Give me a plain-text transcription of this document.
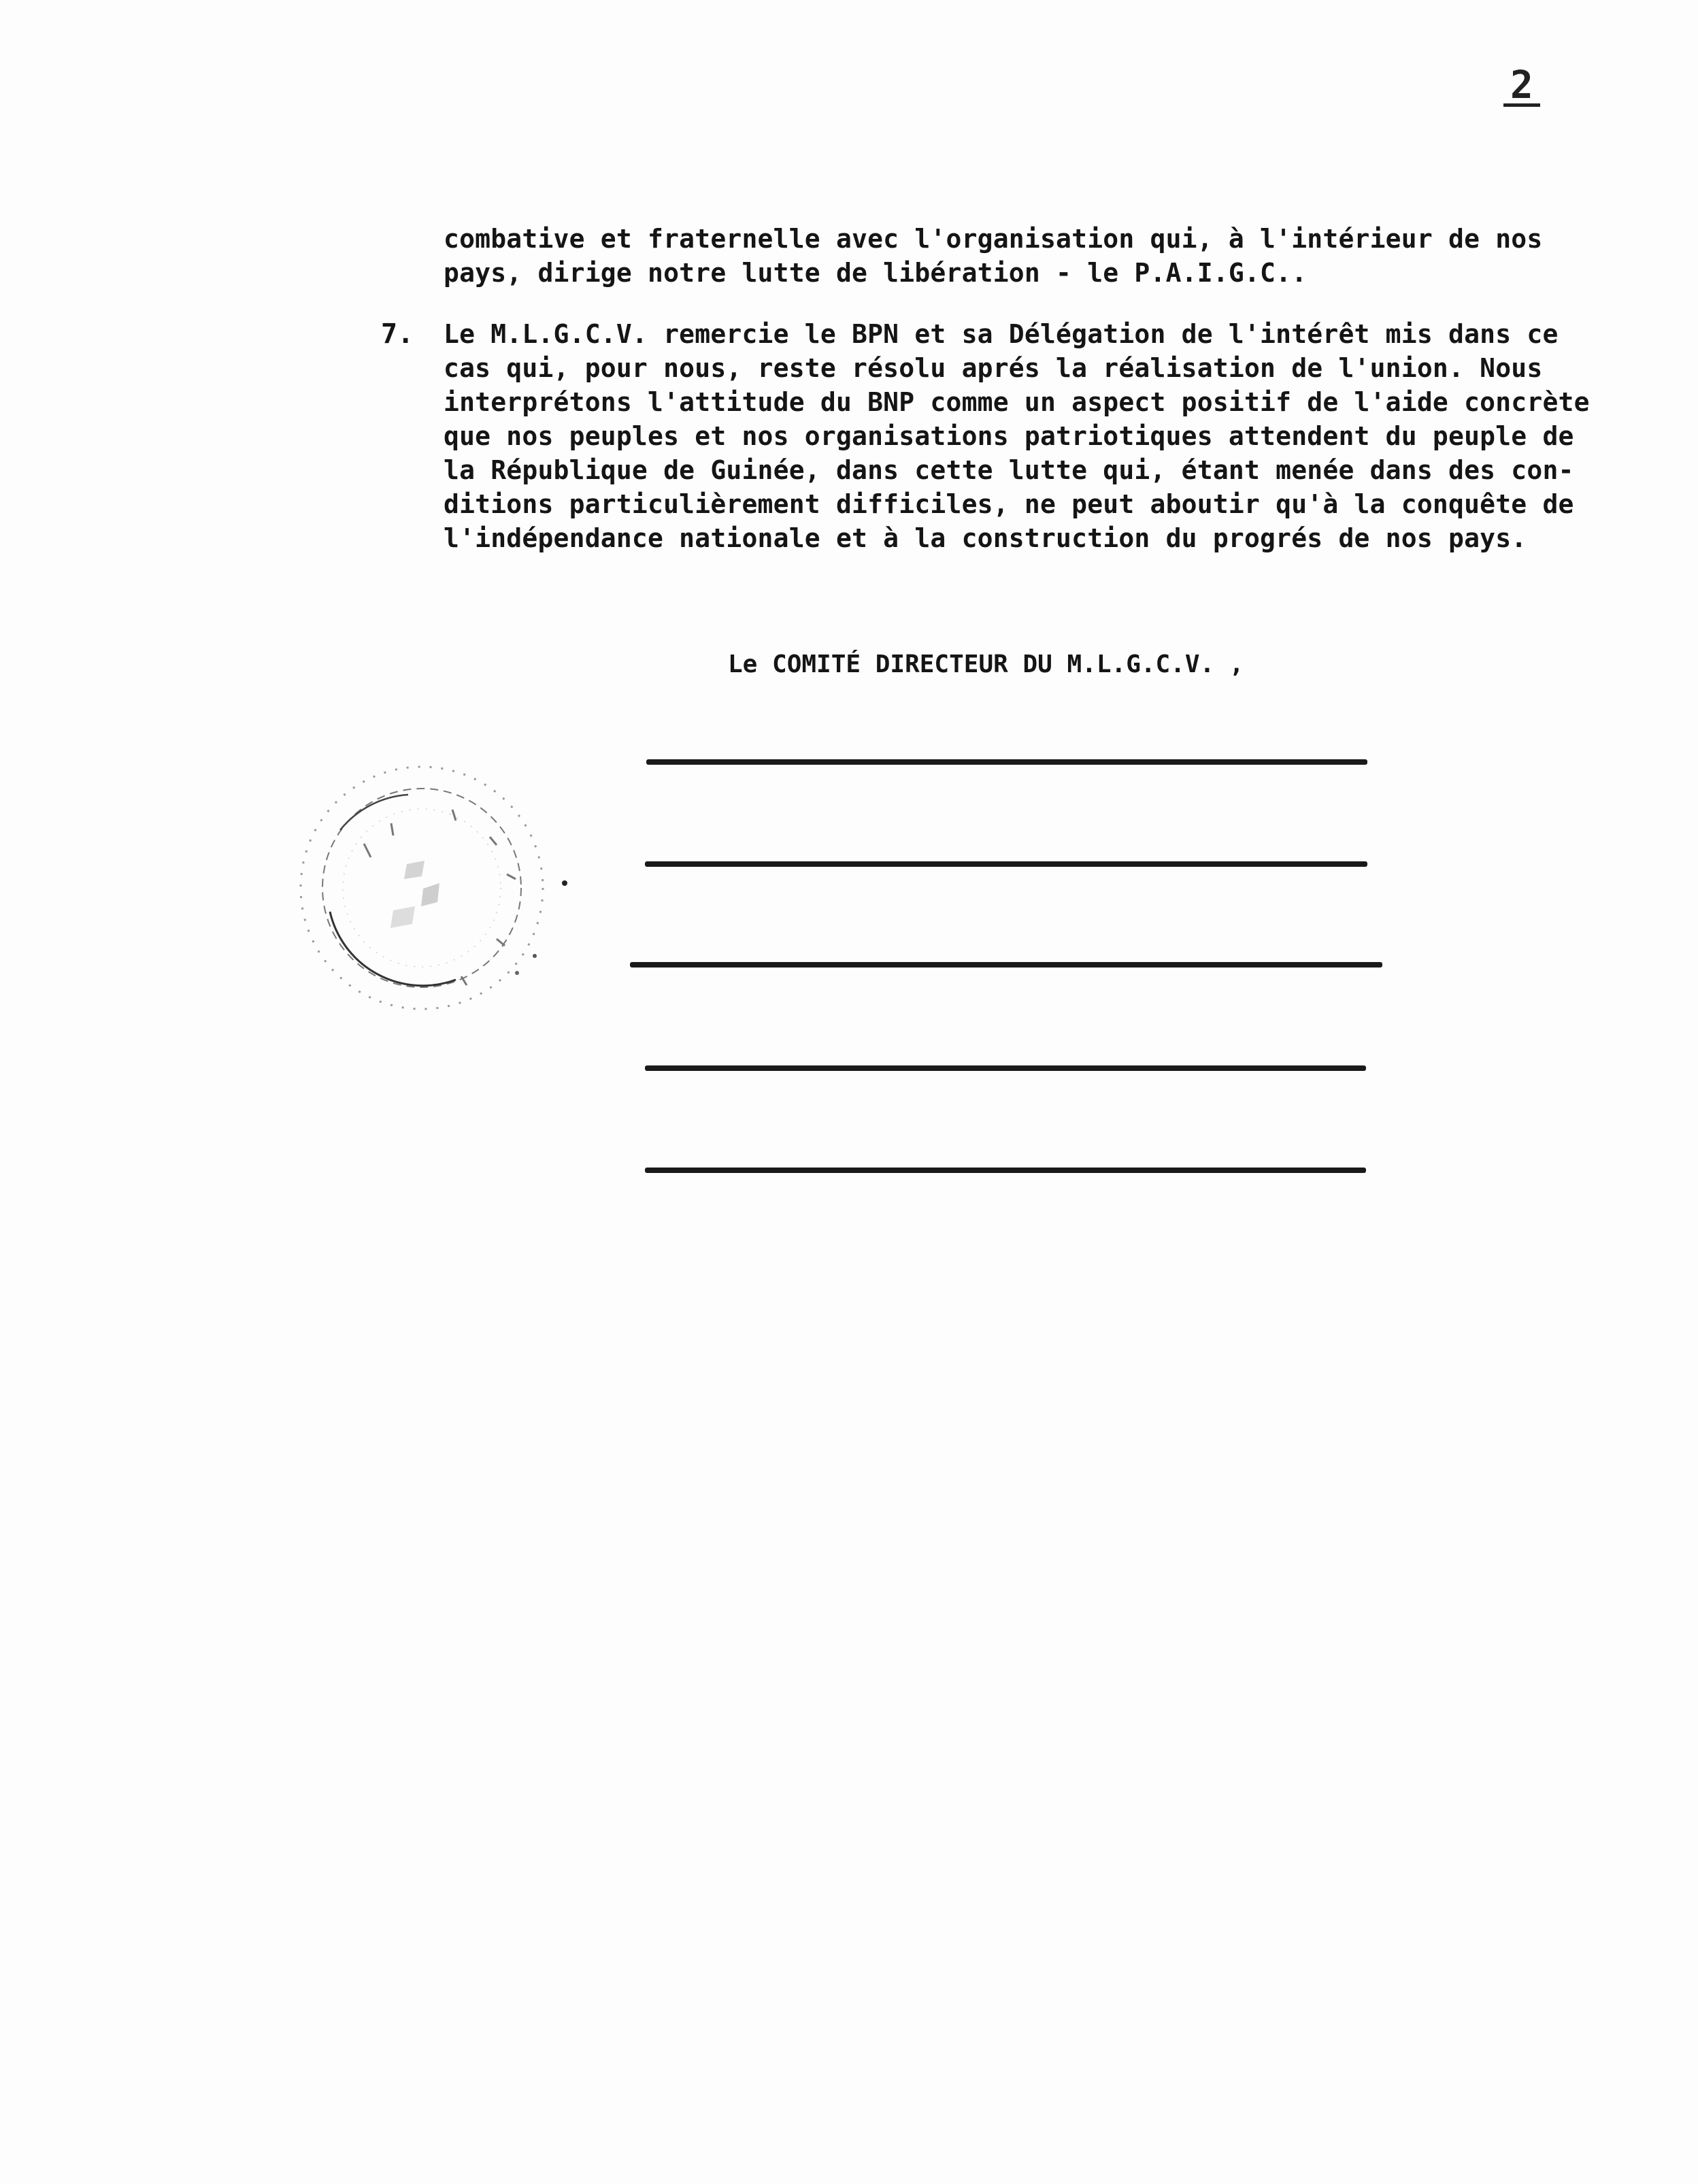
2
combative et fraternelle avec l'organisation qui, à l'intérieur de nos
pays, dirige notre lutte de libération - le P.A.I.G.C..
7. Le M.L.G.C.V. remercie le BPN et sa Délégation de l'intérêt mis dans ce
cas qui, pour nous, reste résolu aprés la réalisation de l'union. Nous
interprétons l'attitude du BNP comme un aspect positif de l'aide concrète
que nos peuples et nos organisations patriotiques attendent du peuple de
la République de Guinée, dans cette lutte qui, étant menée dans des con-
ditions particulièrement difficiles, ne peut aboutir qu'à la conquête de
l'indépendance nationale et à la construction du progrés de nos pays.
Le COMITÉ DIRECTEUR DU M.L.G.C.V. ,
